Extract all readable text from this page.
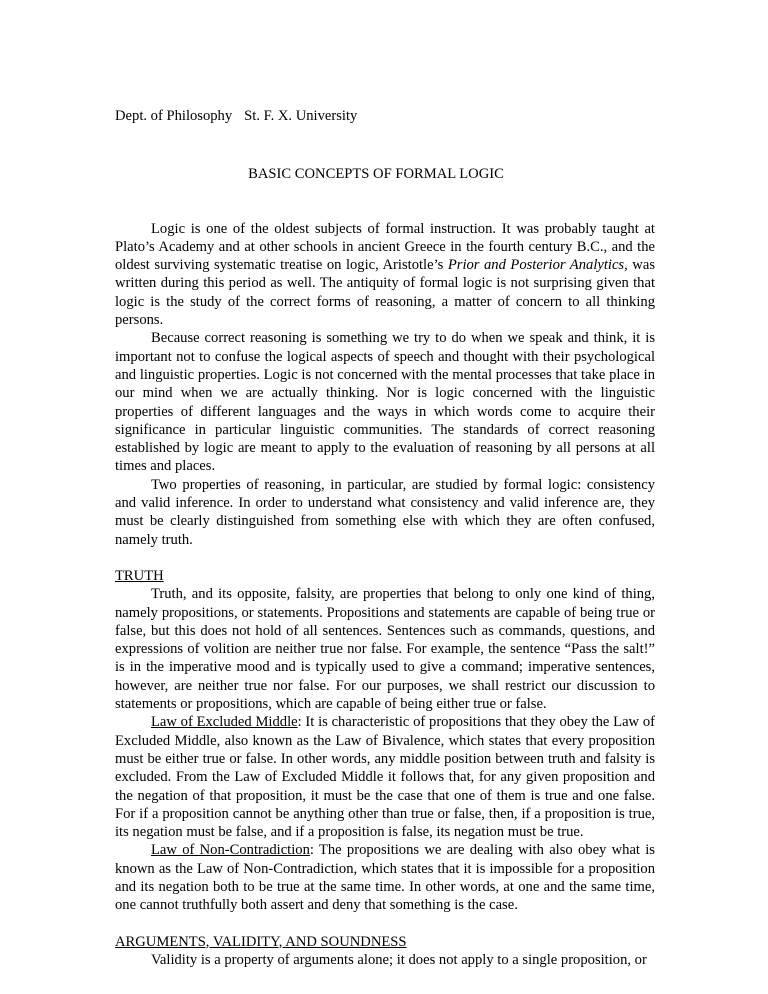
Dept. of Philosophy St. F. X. University
BASIC CONCEPTS OF FORMAL LOGIC

Logic is one of the oldest subjects of formal instruction. It was probably taught at Plato’s Academy and at other schools in ancient Greece in the fourth century B.C., and the oldest surviving systematic treatise on logic, Aristotle’s Prior and Posterior Analytics, was written during this period as well. The antiquity of formal logic is not surprising given that logic is the study of the correct forms of reasoning, a matter of concern to all thinking persons.

Because correct reasoning is something we try to do when we speak and think, it is important not to confuse the logical aspects of speech and thought with their psychological and linguistic properties. Logic is not concerned with the mental processes that take place in our mind when we are actually thinking. Nor is logic concerned with the linguistic properties of different languages and the ways in which words come to acquire their significance in particular linguistic communities. The standards of correct reasoning established by logic are meant to apply to the evaluation of reasoning by all persons at all times and places.

Two properties of reasoning, in particular, are studied by formal logic: consistency and valid inference. In order to understand what consistency and valid inference are, they must be clearly distinguished from something else with which they are often confused, namely truth.

TRUTH

Truth, and its opposite, falsity, are properties that belong to only one kind of thing, namely propositions, or statements. Propositions and statements are capable of being true or false, but this does not hold of all sentences. Sentences such as commands, questions, and expressions of volition are neither true nor false. For example, the sentence “Pass the salt!” is in the imperative mood and is typically used to give a command; imperative sentences, however, are neither true nor false. For our purposes, we shall restrict our discussion to statements or propositions, which are capable of being either true or false.

Law of Excluded Middle: It is characteristic of propositions that they obey the Law of Excluded Middle, also known as the Law of Bivalence, which states that every proposition must be either true or false. In other words, any middle position between truth and falsity is excluded. From the Law of Excluded Middle it follows that, for any given proposition and the negation of that proposition, it must be the case that one of them is true and one false. For if a proposition cannot be anything other than true or false, then, if a proposition is true, its negation must be false, and if a proposition is false, its negation must be true.

Law of Non-Contradiction: The propositions we are dealing with also obey what is known as the Law of Non-Contradiction, which states that it is impossible for a proposition and its negation both to be true at the same time. In other words, at one and the same time, one cannot truthfully both assert and deny that something is the case.

ARGUMENTS, VALIDITY, AND SOUNDNESS

Validity is a property of arguments alone; it does not apply to a single proposition, or
